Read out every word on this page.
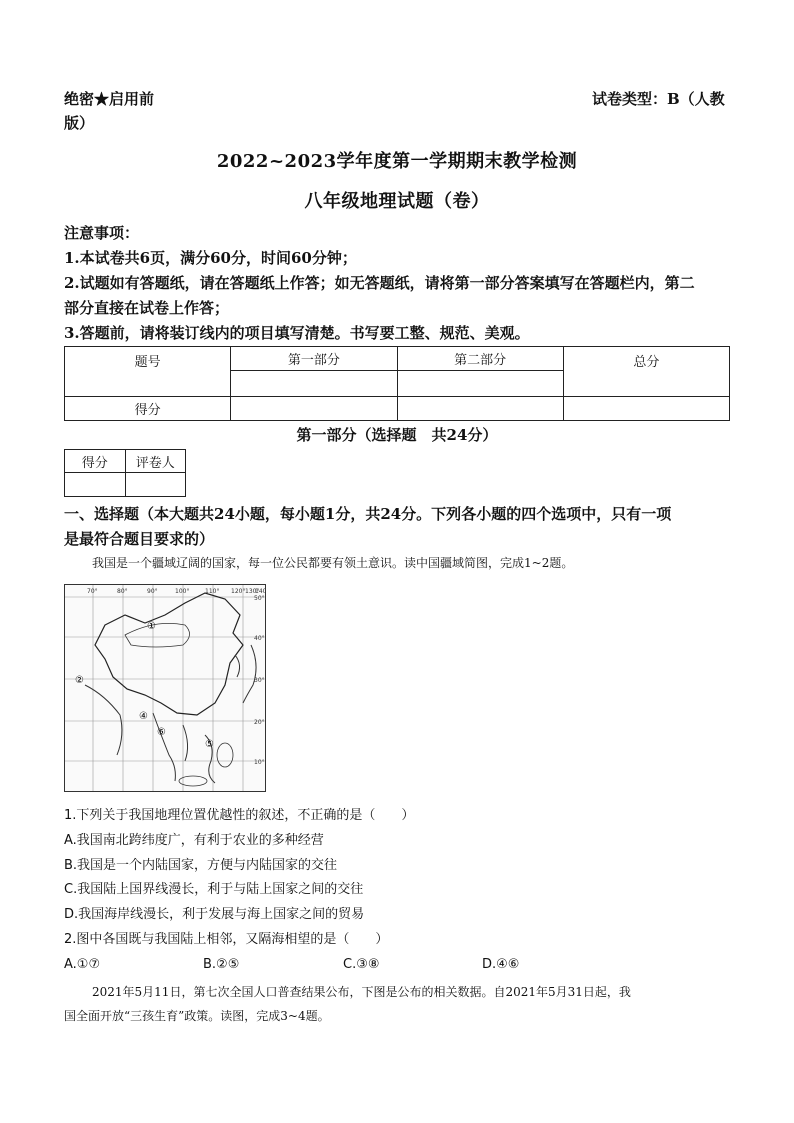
绝密★启用前
版）
试卷类型：B（人教
2022~2023学年度第一学期期末教学检测
八年级地理试题（卷）
注意事项：
1.本试卷共6页，满分60分，时间60分钟；
2.试题如有答题纸，请在答题纸上作答；如无答题纸，请将第一部分答案填写在答题栏内，第二
部分直接在试卷上作答；
3.答题前，请将装订线内的项目填写清楚。书写要工整、规范、美观。
题号	第一部分	第二部分	总分

得分			
第一部分（选择题　共24分）
得分	评卷人

一、选择题（本大题共24小题，每小题1分，共24分。下列各小题的四个选项中，只有一项
是最符合题目要求的）
我国是一个疆域辽阔的国家，每一位公民都要有领土意识。读中国疆域简图，完成1~2题。
①
②
④
⑥
⑤
70°	80°	90°	100°	110° 120° 130°
140
50°
40°
30°
20°
10°
1.下列关于我国地理位置优越性的叙述，不正确的是（　　）
A.我国南北跨纬度广，有利于农业的多种经营
B.我国是一个内陆国家，方便与内陆国家的交往
C.我国陆上国界线漫长，利于与陆上国家之间的交往
D.我国海岸线漫长，利于发展与海上国家之间的贸易
2.图中各国既与我国陆上相邻，又隔海相望的是（　　）
A.①⑦	B.②⑤	C.③⑧	D.④⑥
2021年5月11日，第七次全国人口普查结果公布，下图是公布的相关数据。自2021年5月31日起，我
国全面开放“三孩生育”政策。读图，完成3~4题。
